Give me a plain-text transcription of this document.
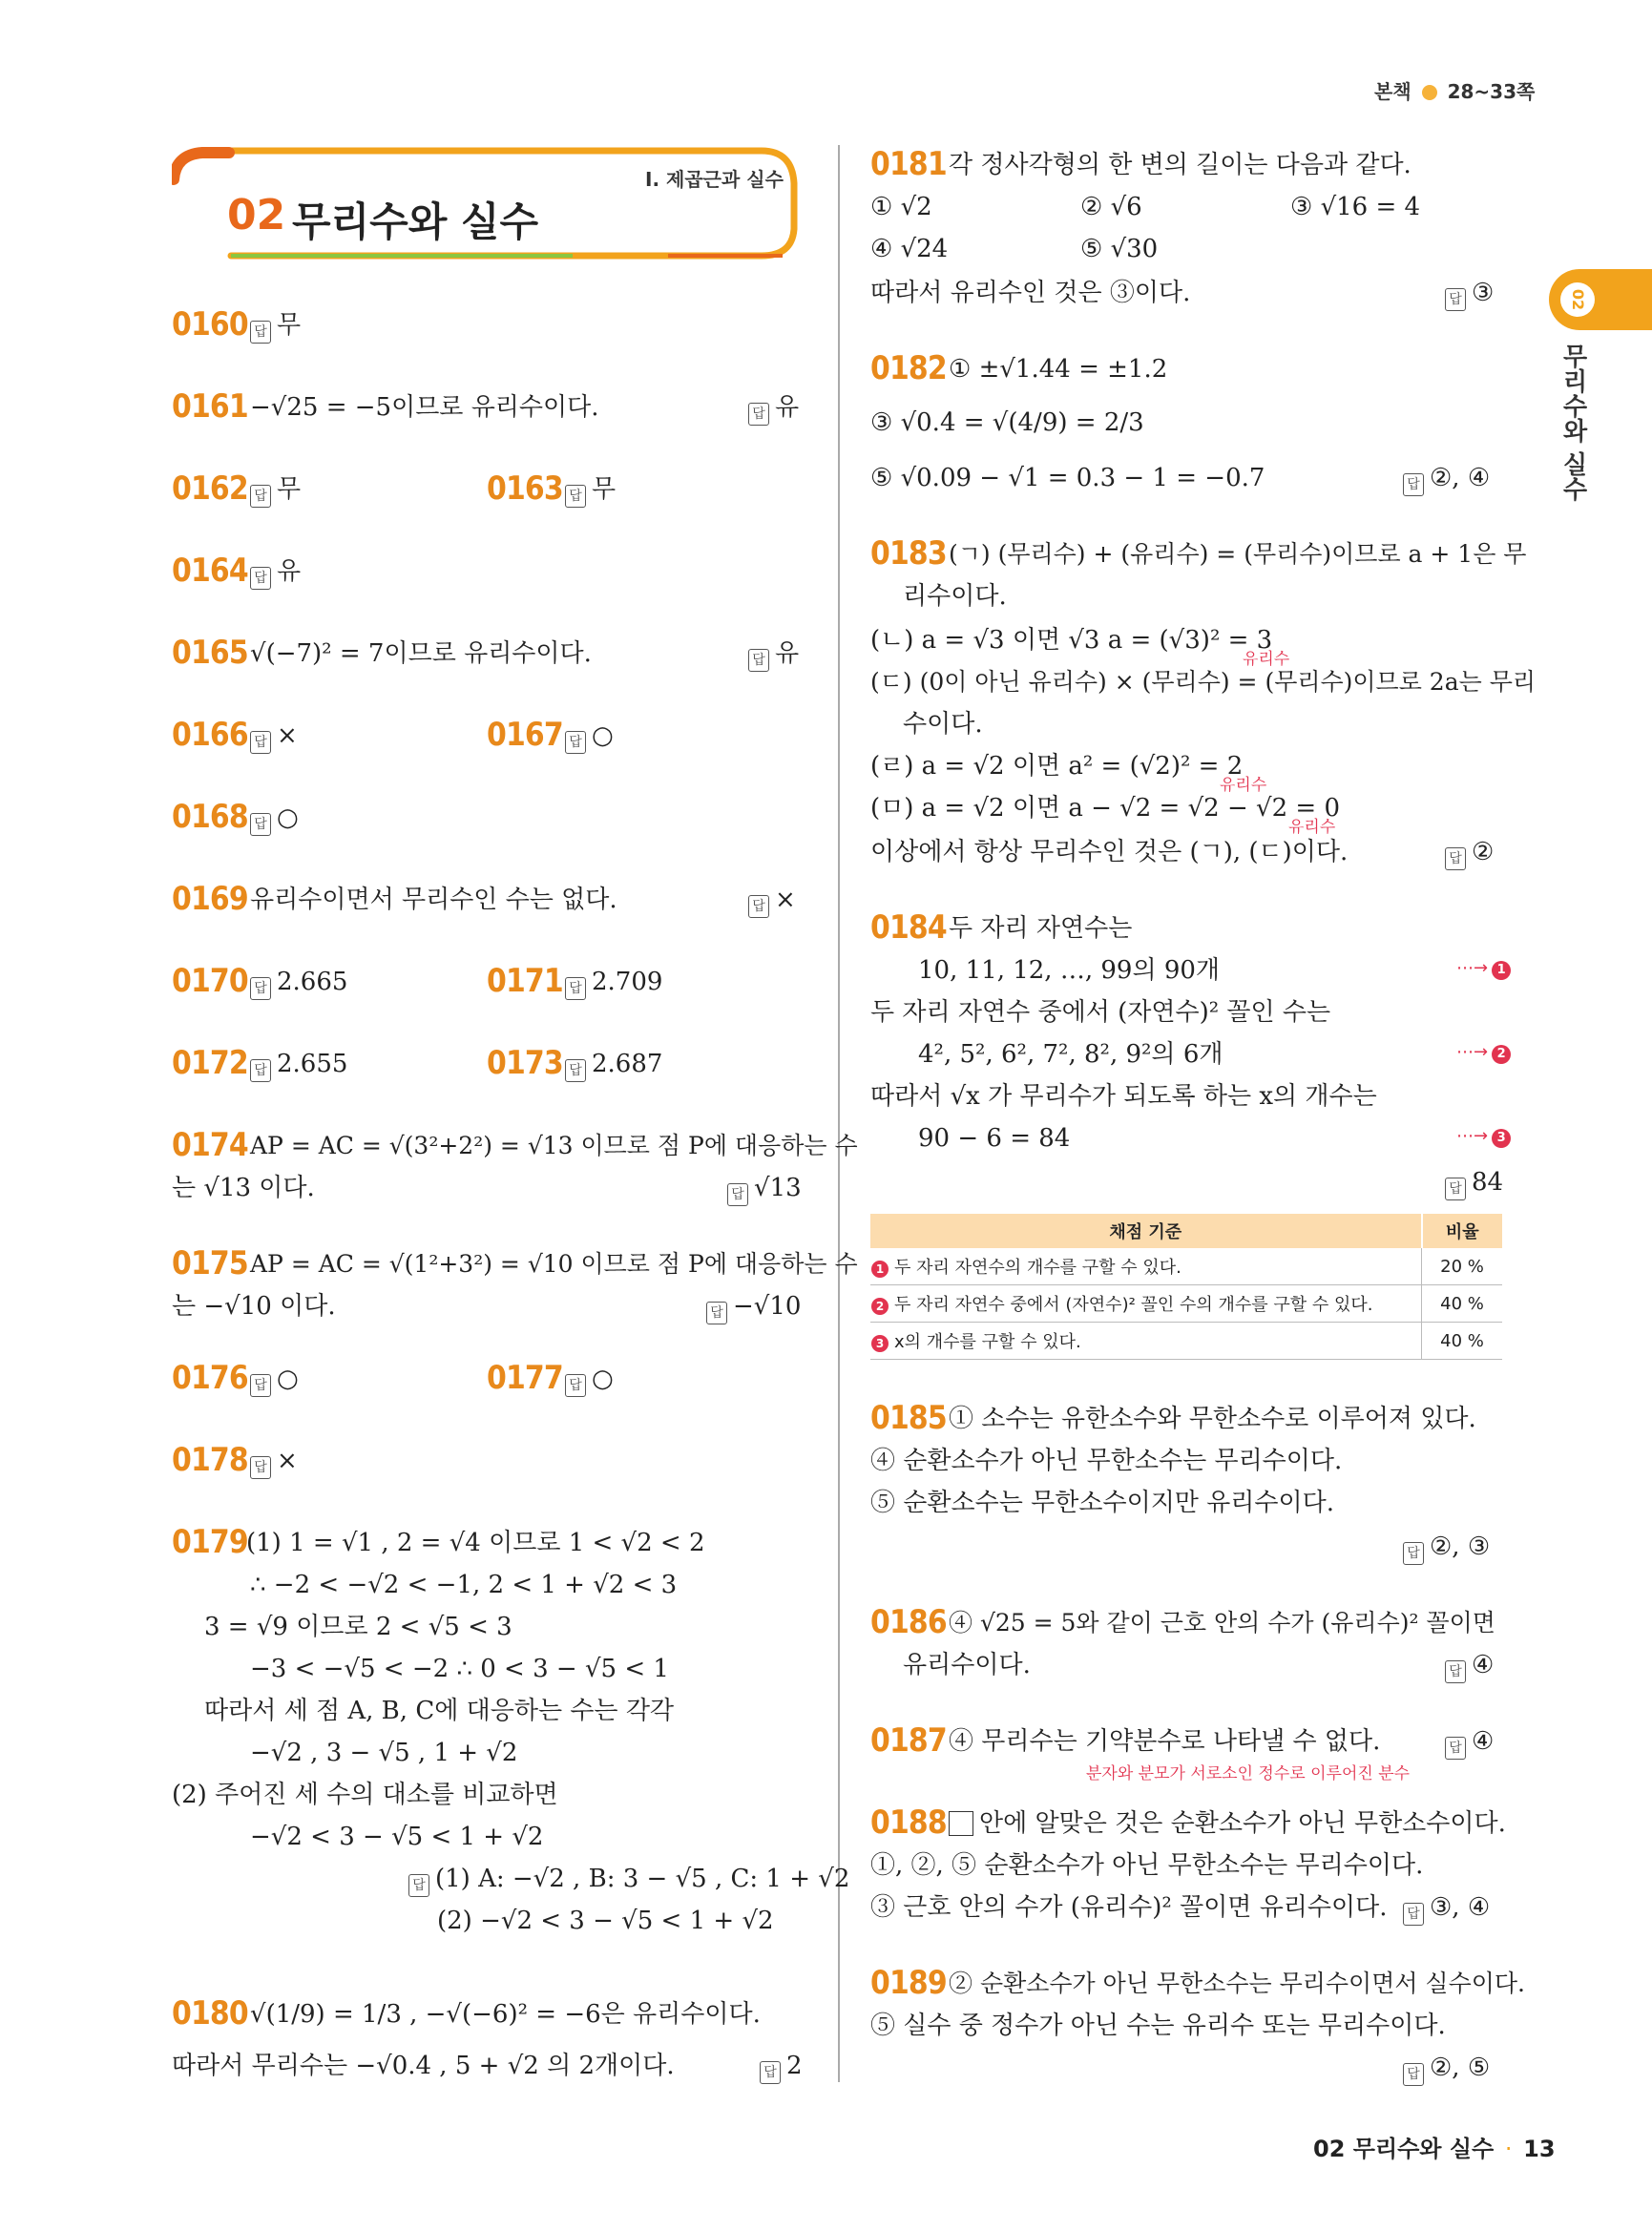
본책 28~33쪽
02
무리수와 실수
Ⅰ. 제곱근과 실수
02 무리수와 실수
0160 답 무
0161 −√25 = −5이므로 유리수이다.	답 유
0162 답 무	0163 답 무
0164 답 유
0165 √(−7)² = 7이므로 유리수이다.	답 유
0166 답 ×	0167 답 ○
0168 답 ○
0169 유리수이면서 무리수인 수는 없다.	답 ×
0170 답 2.665	0171 답 2.709
0172 답 2.655	0173 답 2.687
0174 AP = AC = √(3²+2²) = √13 이므로 점 P에 대응하는 수
는 √13 이다.	답 √13
0175 AP = AC = √(1²+3²) = √10 이므로 점 P에 대응하는 수
는 −√10 이다.	답 −√10
0176 답 ○	0177 답 ○
0178 답 ×
0179
(1) 1 = √1 , 2 = √4 이므로 1 < √2 < 2
∴ −2 < −√2 < −1, 2 < 1 + √2 < 3
3 = √9 이므로 2 < √5 < 3
−3 < −√5 < −2 ∴ 0 < 3 − √5 < 1
따라서 세 점 A, B, C에 대응하는 수는 각각
−√2 , 3 − √5 , 1 + √2
(2) 주어진 세 수의 대소를 비교하면
−√2 < 3 − √5 < 1 + √2
답 (1) A: −√2 , B: 3 − √5 , C: 1 + √2
(2) −√2 < 3 − √5 < 1 + √2
0180 √(1/9) = 1/3 , −√(−6)² = −6은 유리수이다.
따라서 무리수는 −√0.4 , 5 + √2 의 2개이다.	답 2
0181 각 정사각형의 한 변의 길이는 다음과 같다.
① √2	② √6	③ √16 = 4
④ √24	⑤ √30
따라서 유리수인 것은 ③이다.	답 ③
0182 ① ±√1.44 = ±1.2
③ √0.4̇ = √(4/9) = 2/3
⑤ √0.09 − √1 = 0.3 − 1 = −0.7	답 ②, ④
0183 (ㄱ) (무리수) + (유리수) = (무리수)이므로 a + 1은 무
리수이다.
(ㄴ) a = √3 이면 √3 a = (√3)² = 3
유리수
(ㄷ) (0이 아닌 유리수) × (무리수) = (무리수)이므로 2a는 무리
수이다.
(ㄹ) a = √2 이면 a² = (√2)² = 2
유리수
(ㅁ) a = √2 이면 a − √2 = √2 − √2 = 0
유리수
이상에서 항상 무리수인 것은 (ㄱ), (ㄷ)이다.	답 ②
0184 두 자리 자연수는
10, 11, 12, …, 99의 90개	⋯→ 1
두 자리 자연수 중에서 (자연수)² 꼴인 수는
4², 5², 6², 7², 8², 9²의 6개	⋯→ 2
따라서 √x 가 무리수가 되도록 하는 x의 개수는
90 − 6 = 84	⋯→ 3
답 84
채점 기준	비율
1 두 자리 자연수의 개수를 구할 수 있다.	20 %
2 두 자리 자연수 중에서 (자연수)² 꼴인 수의 개수를 구할 수 있다.	40 %
3 x의 개수를 구할 수 있다.	40 %
0185 ① 소수는 유한소수와 무한소수로 이루어져 있다.
④ 순환소수가 아닌 무한소수는 무리수이다.
⑤ 순환소수는 무한소수이지만 유리수이다.
답 ②, ③
0186 ④ √25 = 5와 같이 근호 안의 수가 (유리수)² 꼴이면
유리수이다.	답 ④
0187 ④ 무리수는 기약분수로 나타낼 수 없다.
분자와 분모가 서로소인 정수로 이루어진 분수
답 ④
0188 안에 알맞은 것은 순환소수가 아닌 무한소수이다.
①, ②, ⑤ 순환소수가 아닌 무한소수는 무리수이다.
③ 근호 안의 수가 (유리수)² 꼴이면 유리수이다.	답 ③, ④
0189 ② 순환소수가 아닌 무한소수는 무리수이면서 실수이다.
⑤ 실수 중 정수가 아닌 수는 유리수 또는 무리수이다.
답 ②, ⑤
02 무리수와 실수 · 13
